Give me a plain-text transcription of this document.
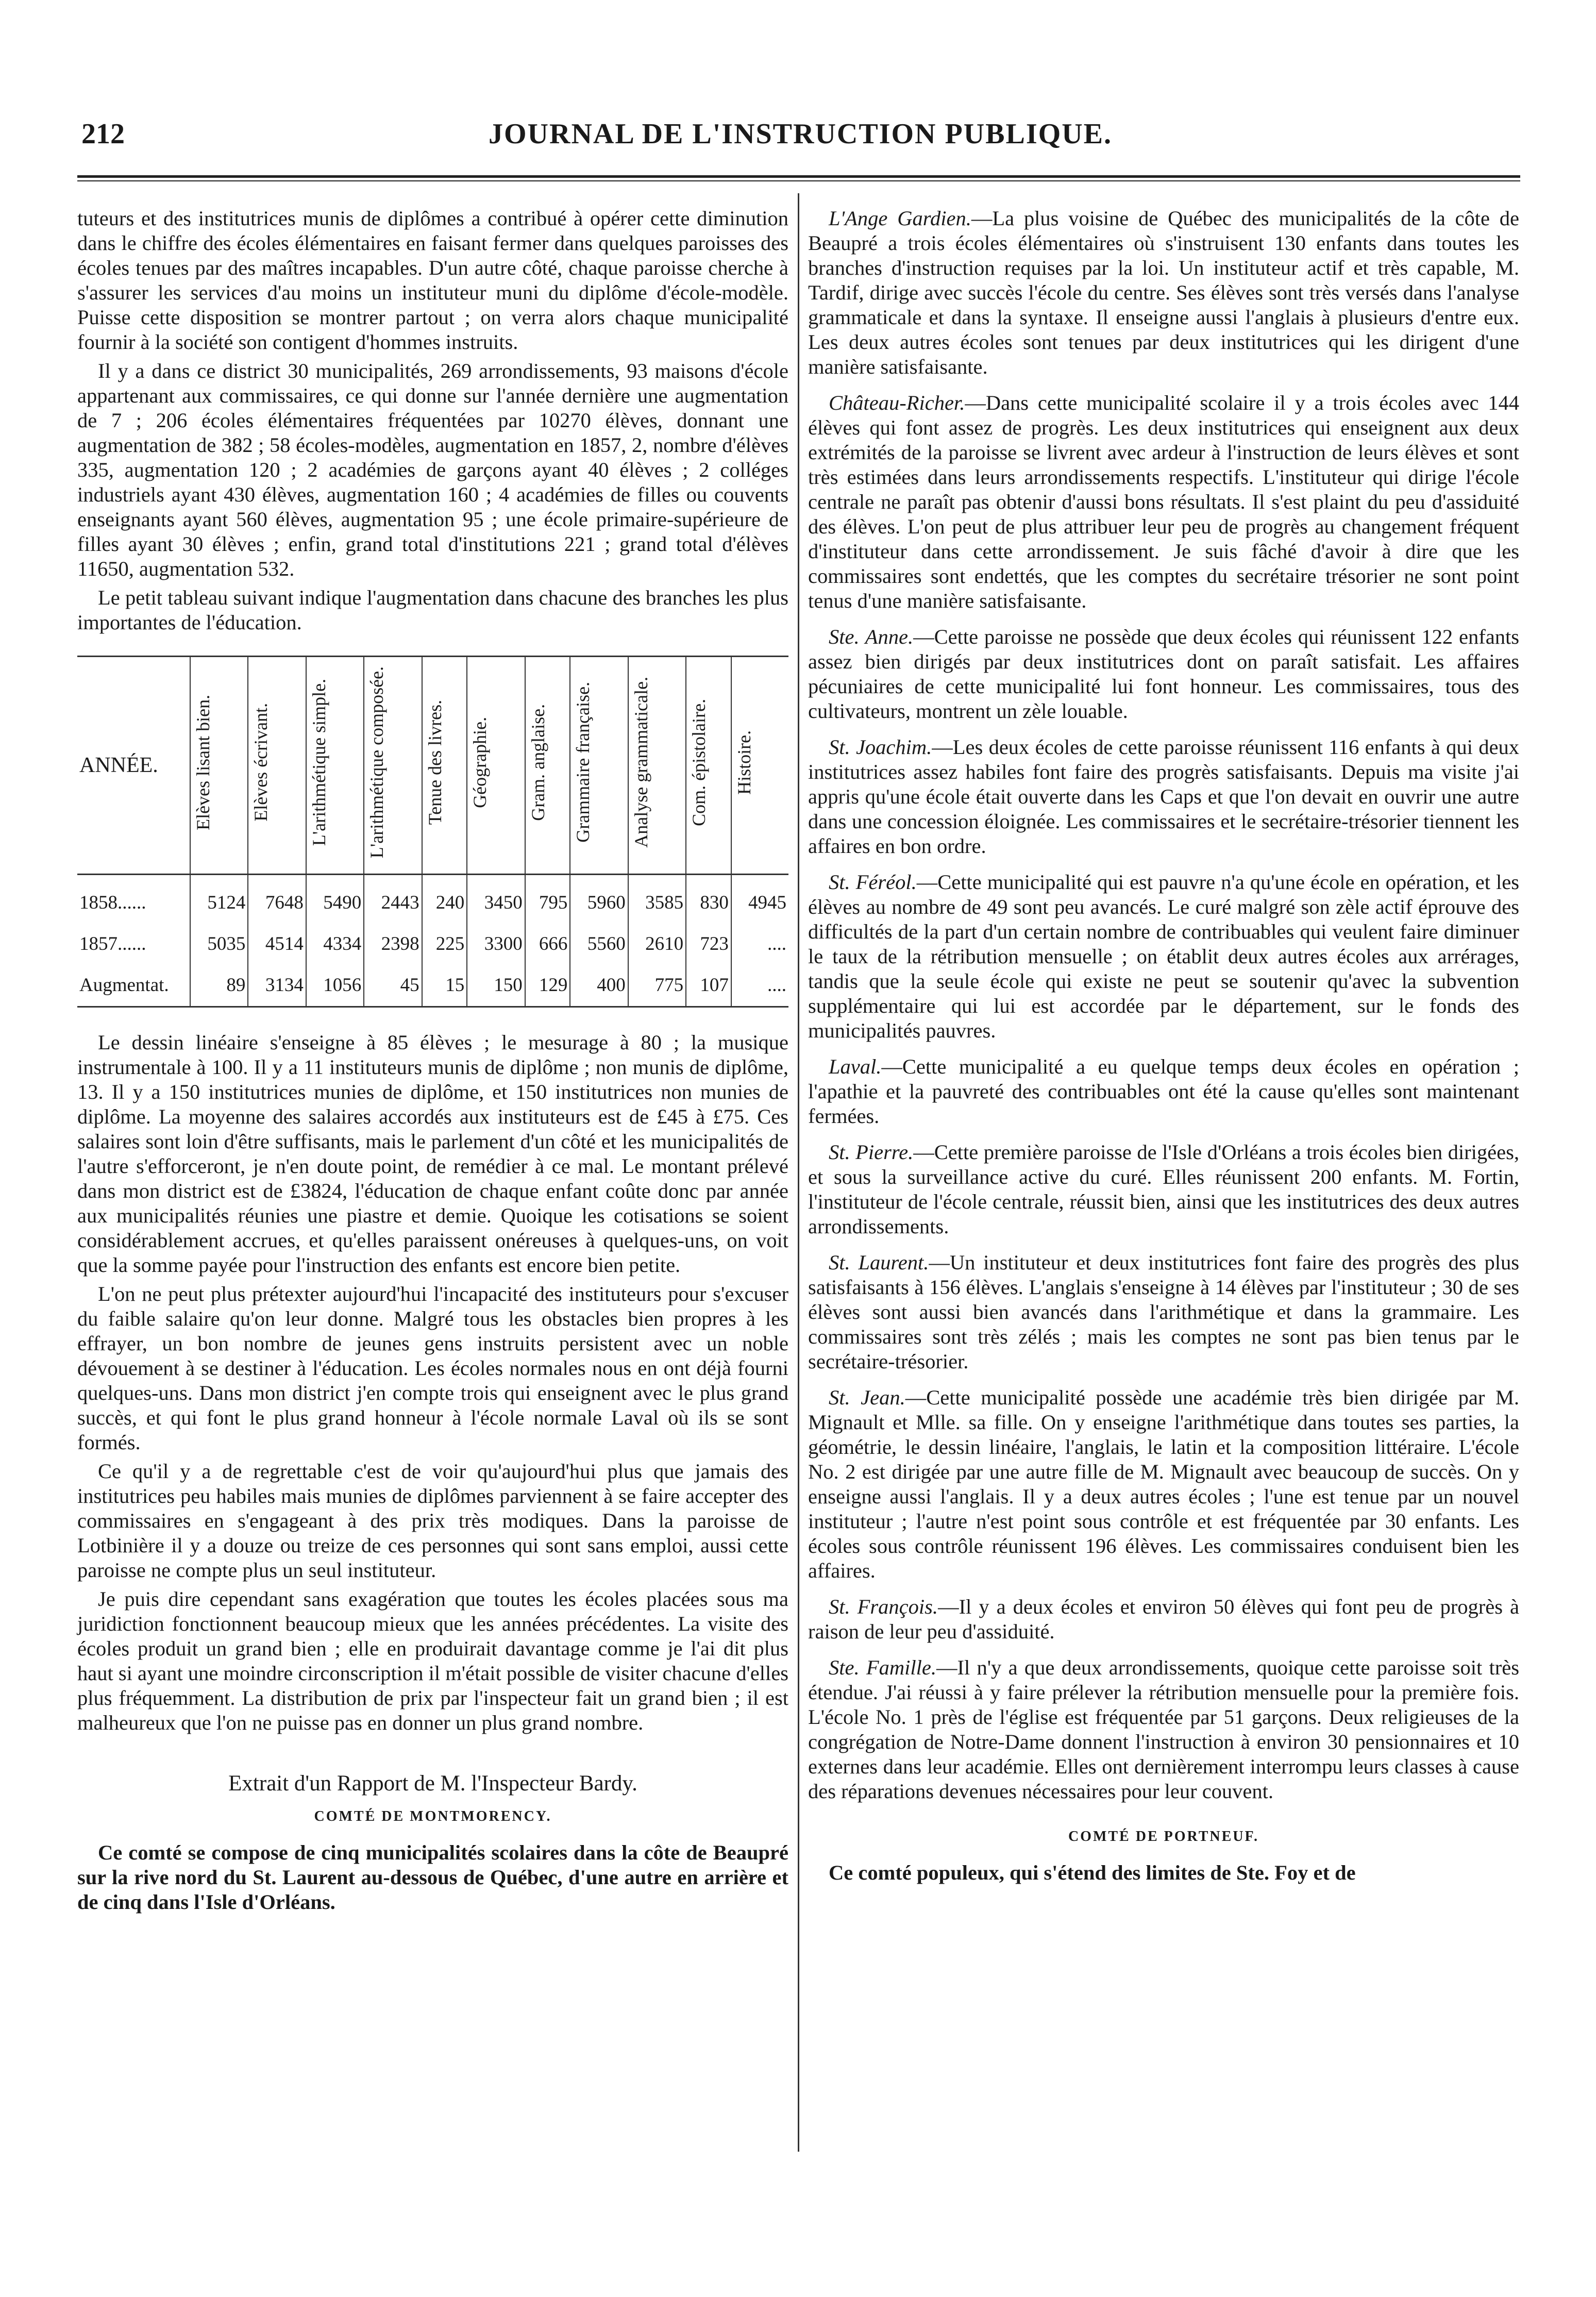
212	JOURNAL DE L'INSTRUCTION PUBLIQUE.

tuteurs et des institutrices munis de diplômes a contribué à opérer cette diminution dans le chiffre des écoles élémentaires en faisant fermer dans quelques paroisses des écoles tenues par des maîtres incapables. D'un autre côté, chaque paroisse cherche à s'assurer les services d'au moins un instituteur muni du diplôme d'école-modèle. Puisse cette disposition se montrer partout ; on verra alors chaque municipalité fournir à la société son contigent d'hommes instruits.

Il y a dans ce district 30 municipalités, 269 arrondissements, 93 maisons d'école appartenant aux commissaires, ce qui donne sur l'année dernière une augmentation de 7 ; 206 écoles élémentaires fréquentées par 10270 élèves, donnant une augmentation de 382 ; 58 écoles-modèles, augmentation en 1857, 2, nombre d'élèves 335, augmentation 120 ; 2 académies de garçons ayant 40 élèves ; 2 colléges industriels ayant 430 élèves, augmentation 160 ; 4 académies de filles ou couvents enseignants ayant 560 élèves, augmentation 95 ; une école primaire-supérieure de filles ayant 30 élèves ; enfin, grand total d'institutions 221 ; grand total d'élèves 11650, augmentation 532.

Le petit tableau suivant indique l'augmentation dans chacune des branches les plus importantes de l'éducation.

ANNÉE.	Elèves lisant bien.	Elèves écrivant.	L'arithmétique simple.	L'arithmétique composée.	Tenue des livres.	Géographie.	Gram. anglaise.	Grammaire française.	Analyse grammaticale.	Com. épistolaire.	Histoire.
1858......	5124	7648	5490	2443	240	3450	795	5960	3585	830	4945
1857......	5035	4514	4334	2398	225	3300	666	5560	2610	723	....
Augmentat.	89	3134	1056	45	15	150	129	400	775	107	....

Le dessin linéaire s'enseigne à 85 élèves ; le mesurage à 80 ; la musique instrumentale à 100. Il y a 11 instituteurs munis de diplôme ; non munis de diplôme, 13. Il y a 150 institutrices munies de diplôme, et 150 institutrices non munies de diplôme. La moyenne des salaires accordés aux instituteurs est de £45 à £75. Ces salaires sont loin d'être suffisants, mais le parlement d'un côté et les municipalités de l'autre s'efforceront, je n'en doute point, de remédier à ce mal. Le montant prélevé dans mon district est de £3824, l'éducation de chaque enfant coûte donc par année aux municipalités réunies une piastre et demie. Quoique les cotisations se soient considérablement accrues, et qu'elles paraissent onéreuses à quelques-uns, on voit que la somme payée pour l'instruction des enfants est encore bien petite.

L'on ne peut plus prétexter aujourd'hui l'incapacité des instituteurs pour s'excuser du faible salaire qu'on leur donne. Malgré tous les obstacles bien propres à les effrayer, un bon nombre de jeunes gens instruits persistent avec un noble dévouement à se destiner à l'éducation. Les écoles normales nous en ont déjà fourni quelques-uns. Dans mon district j'en compte trois qui enseignent avec le plus grand succès, et qui font le plus grand honneur à l'école normale Laval où ils se sont formés.

Ce qu'il y a de regrettable c'est de voir qu'aujourd'hui plus que jamais des institutrices peu habiles mais munies de diplômes parviennent à se faire accepter des commissaires en s'engageant à des prix très modiques. Dans la paroisse de Lotbinière il y a douze ou treize de ces personnes qui sont sans emploi, aussi cette paroisse ne compte plus un seul instituteur.

Je puis dire cependant sans exagération que toutes les écoles placées sous ma juridiction fonctionnent beaucoup mieux que les années précédentes. La visite des écoles produit un grand bien ; elle en produirait davantage comme je l'ai dit plus haut si ayant une moindre circonscription il m'était possible de visiter chacune d'elles plus fréquemment. La distribution de prix par l'inspecteur fait un grand bien ; il est malheureux que l'on ne puisse pas en donner un plus grand nombre.

Extrait d'un Rapport de M. l'Inspecteur Bardy.

COMTÉ DE MONTMORENCY.

Ce comté se compose de cinq municipalités scolaires dans la côte de Beaupré sur la rive nord du St. Laurent au-dessous de Québec, d'une autre en arrière et de cinq dans l'Isle d'Orléans.

L'Ange Gardien.—La plus voisine de Québec des municipalités de la côte de Beaupré a trois écoles élémentaires où s'instruisent 130 enfants dans toutes les branches d'instruction requises par la loi. Un instituteur actif et très capable, M. Tardif, dirige avec succès l'école du centre. Ses élèves sont très versés dans l'analyse grammaticale et dans la syntaxe. Il enseigne aussi l'anglais à plusieurs d'entre eux. Les deux autres écoles sont tenues par deux institutrices qui les dirigent d'une manière satisfaisante.

Château-Richer.—Dans cette municipalité scolaire il y a trois écoles avec 144 élèves qui font assez de progrès. Les deux institutrices qui enseignent aux deux extrémités de la paroisse se livrent avec ardeur à l'instruction de leurs élèves et sont très estimées dans leurs arrondissements respectifs. L'instituteur qui dirige l'école centrale ne paraît pas obtenir d'aussi bons résultats. Il s'est plaint du peu d'assiduité des élèves. L'on peut de plus attribuer leur peu de progrès au changement fréquent d'instituteur dans cette arrondissement. Je suis fâché d'avoir à dire que les commissaires sont endettés, que les comptes du secrétaire trésorier ne sont point tenus d'une manière satisfaisante.

Ste. Anne.—Cette paroisse ne possède que deux écoles qui réunissent 122 enfants assez bien dirigés par deux institutrices dont on paraît satisfait. Les affaires pécuniaires de cette municipalité lui font honneur. Les commissaires, tous des cultivateurs, montrent un zèle louable.

St. Joachim.—Les deux écoles de cette paroisse réunissent 116 enfants à qui deux institutrices assez habiles font faire des progrès satisfaisants. Depuis ma visite j'ai appris qu'une école était ouverte dans les Caps et que l'on devait en ouvrir une autre dans une concession éloignée. Les commissaires et le secrétaire-trésorier tiennent les affaires en bon ordre.

St. Féréol.—Cette municipalité qui est pauvre n'a qu'une école en opération, et les élèves au nombre de 49 sont peu avancés. Le curé malgré son zèle actif éprouve des difficultés de la part d'un certain nombre de contribuables qui veulent faire diminuer le taux de la rétribution mensuelle ; on établit deux autres écoles aux arrérages, tandis que la seule école qui existe ne peut se soutenir qu'avec la subvention supplémentaire qui lui est accordée par le département, sur le fonds des municipalités pauvres.

Laval.—Cette municipalité a eu quelque temps deux écoles en opération ; l'apathie et la pauvreté des contribuables ont été la cause qu'elles sont maintenant fermées.

St. Pierre.—Cette première paroisse de l'Isle d'Orléans a trois écoles bien dirigées, et sous la surveillance active du curé. Elles réunissent 200 enfants. M. Fortin, l'instituteur de l'école centrale, réussit bien, ainsi que les institutrices des deux autres arrondissements.

St. Laurent.—Un instituteur et deux institutrices font faire des progrès des plus satisfaisants à 156 élèves. L'anglais s'enseigne à 14 élèves par l'instituteur ; 30 de ses élèves sont aussi bien avancés dans l'arithmétique et dans la grammaire. Les commissaires sont très zélés ; mais les comptes ne sont pas bien tenus par le secrétaire-trésorier.

St. Jean.—Cette municipalité possède une académie très bien dirigée par M. Mignault et Mlle. sa fille. On y enseigne l'arithmétique dans toutes ses parties, la géométrie, le dessin linéaire, l'anglais, le latin et la composition littéraire. L'école No. 2 est dirigée par une autre fille de M. Mignault avec beaucoup de succès. On y enseigne aussi l'anglais. Il y a deux autres écoles ; l'une est tenue par un nouvel instituteur ; l'autre n'est point sous contrôle et est fréquentée par 30 enfants. Les écoles sous contrôle réunissent 196 élèves. Les commissaires conduisent bien les affaires.

St. François.—Il y a deux écoles et environ 50 élèves qui font peu de progrès à raison de leur peu d'assiduité.

Ste. Famille.—Il n'y a que deux arrondissements, quoique cette paroisse soit très étendue. J'ai réussi à y faire prélever la rétribution mensuelle pour la première fois. L'école No. 1 près de l'église est fréquentée par 51 garçons. Deux religieuses de la congrégation de Notre-Dame donnent l'instruction à environ 30 pensionnaires et 10 externes dans leur académie. Elles ont dernièrement interrompu leurs classes à cause des réparations devenues nécessaires pour leur couvent.

COMTÉ DE PORTNEUF.

Ce comté populeux, qui s'étend des limites de Ste. Foy et de
